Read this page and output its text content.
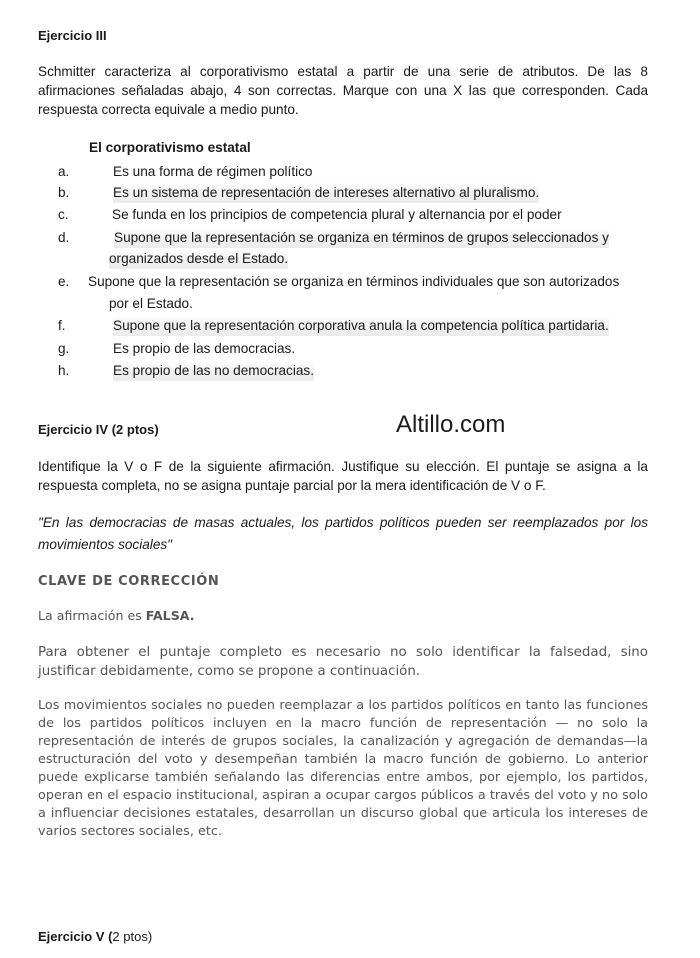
Ejercicio III
Schmitter caracteriza al corporativismo estatal a partir de una serie de atributos. De las 8 afirmaciones señaladas abajo, 4 son correctas. Marque con una X las que corresponden. Cada respuesta correcta equivale a medio punto.
El corporativismo estatal
a.	Es una forma de régimen político
b.	Es un sistema de representación de intereses alternativo al pluralismo.
c.	Se funda en los principios de competencia plural y alternancia por el poder
d.	Supone que la representación se organiza en términos de grupos seleccionados y
organizados desde el Estado.
e.	Supone que la representación se organiza en términos individuales que son autorizados
por el Estado.
f.	Supone que la representación corporativa anula la competencia política partidaria.
g.	Es propio de las democracias.
h.	Es propio de las no democracias.
Ejercicio IV (2 ptos)	Altillo.com
Identifique la V o F de la siguiente afirmación. Justifique su elección. El puntaje se asigna a la respuesta completa, no se asigna puntaje parcial por la mera identificación de V o F.
"En las democracias de masas actuales, los partidos políticos pueden ser reemplazados por los movimientos sociales"
CLAVE DE CORRECCIÓN
La afirmación es FALSA.
Para obtener el puntaje completo es necesario no solo identificar la falsedad, sino justificar debidamente, como se propone a continuación.
Los movimientos sociales no pueden reemplazar a los partidos políticos en tanto las funciones de los partidos políticos incluyen en la macro función de representación — no solo la representación de interés de grupos sociales, la canalización y agregación de demandas—la estructuración del voto y desempeñan también la macro función de gobierno. Lo anterior puede explicarse también señalando las diferencias entre ambos, por ejemplo, los partidos, operan en el espacio institucional, aspiran a ocupar cargos públicos a través del voto y no solo a influenciar decisiones estatales, desarrollan un discurso global que articula los intereses de varios sectores sociales, etc.
Ejercicio V (2 ptos)
